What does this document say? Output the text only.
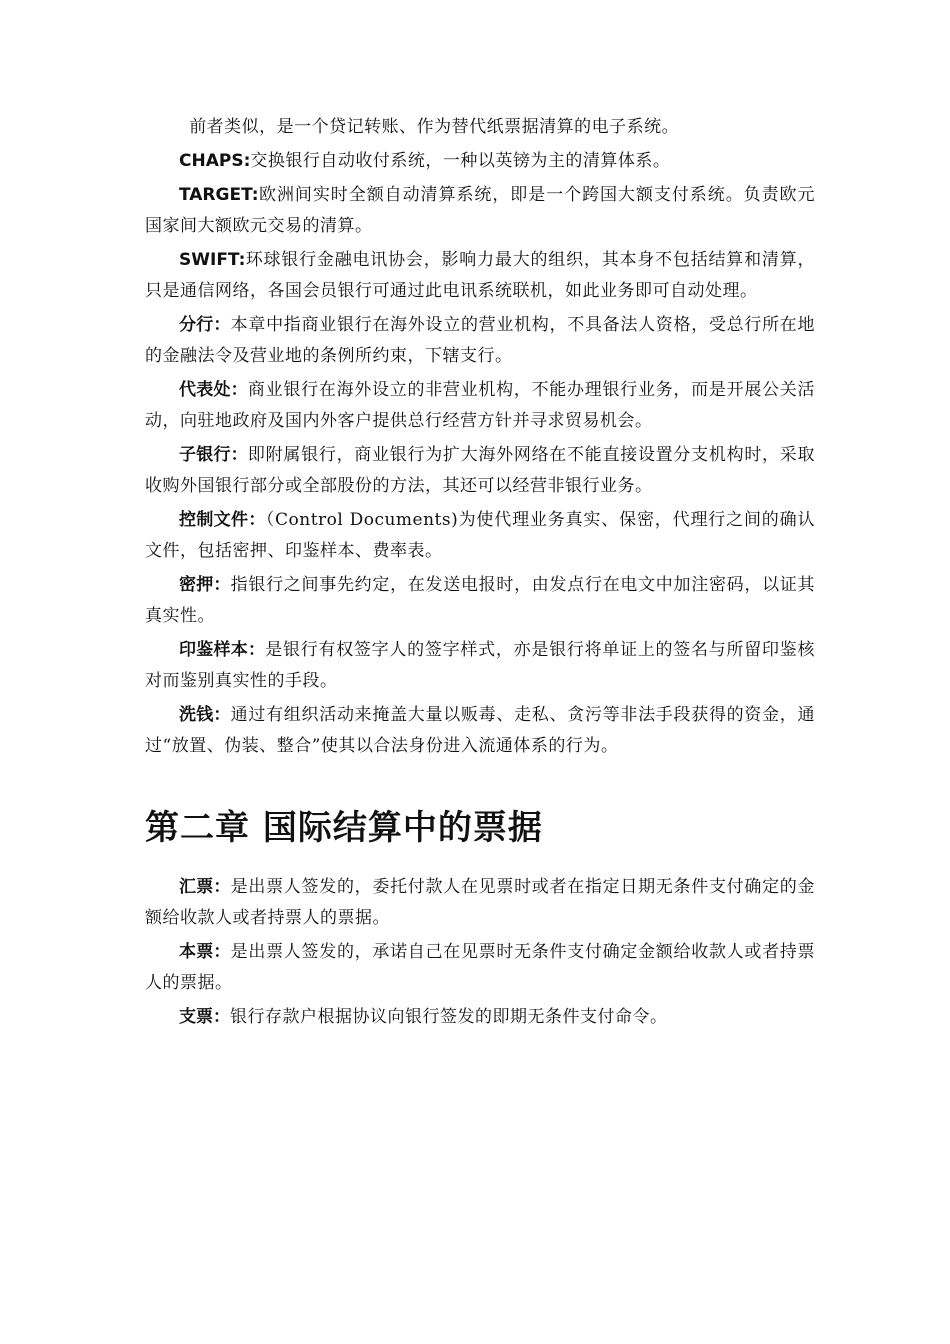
前者类似，是一个贷记转账、作为替代纸票据清算的电子系统。

CHAPS:交换银行自动收付系统，一种以英镑为主的清算体系。

TARGET:欧洲间实时全额自动清算系统，即是一个跨国大额支付系统。负责欧元国家间大额欧元交易的清算。

SWIFT:环球银行金融电讯协会，影响力最大的组织，其本身不包括结算和清算，只是通信网络，各国会员银行可通过此电讯系统联机，如此业务即可自动处理。

分行：本章中指商业银行在海外设立的营业机构，不具备法人资格，受总行所在地的金融法令及营业地的条例所约束，下辖支行。

代表处：商业银行在海外设立的非营业机构，不能办理银行业务，而是开展公关活动，向驻地政府及国内外客户提供总行经营方针并寻求贸易机会。

子银行：即附属银行，商业银行为扩大海外网络在不能直接设置分支机构时，采取收购外国银行部分或全部股份的方法，其还可以经营非银行业务。

控制文件：（Control Documents)为使代理业务真实、保密，代理行之间的确认文件，包括密押、印鉴样本、费率表。

密押：指银行之间事先约定，在发送电报时，由发点行在电文中加注密码，以证其真实性。

印鉴样本：是银行有权签字人的签字样式，亦是银行将单证上的签名与所留印鉴核对而鉴别真实性的手段。

洗钱：通过有组织活动来掩盖大量以贩毒、走私、贪污等非法手段获得的资金，通过“放置、伪装、整合”使其以合法身份进入流通体系的行为。

第二章 国际结算中的票据

汇票：是出票人签发的，委托付款人在见票时或者在指定日期无条件支付确定的金额给收款人或者持票人的票据。

本票：是出票人签发的，承诺自己在见票时无条件支付确定金额给收款人或者持票人的票据。

支票：银行存款户根据协议向银行签发的即期无条件支付命令。
